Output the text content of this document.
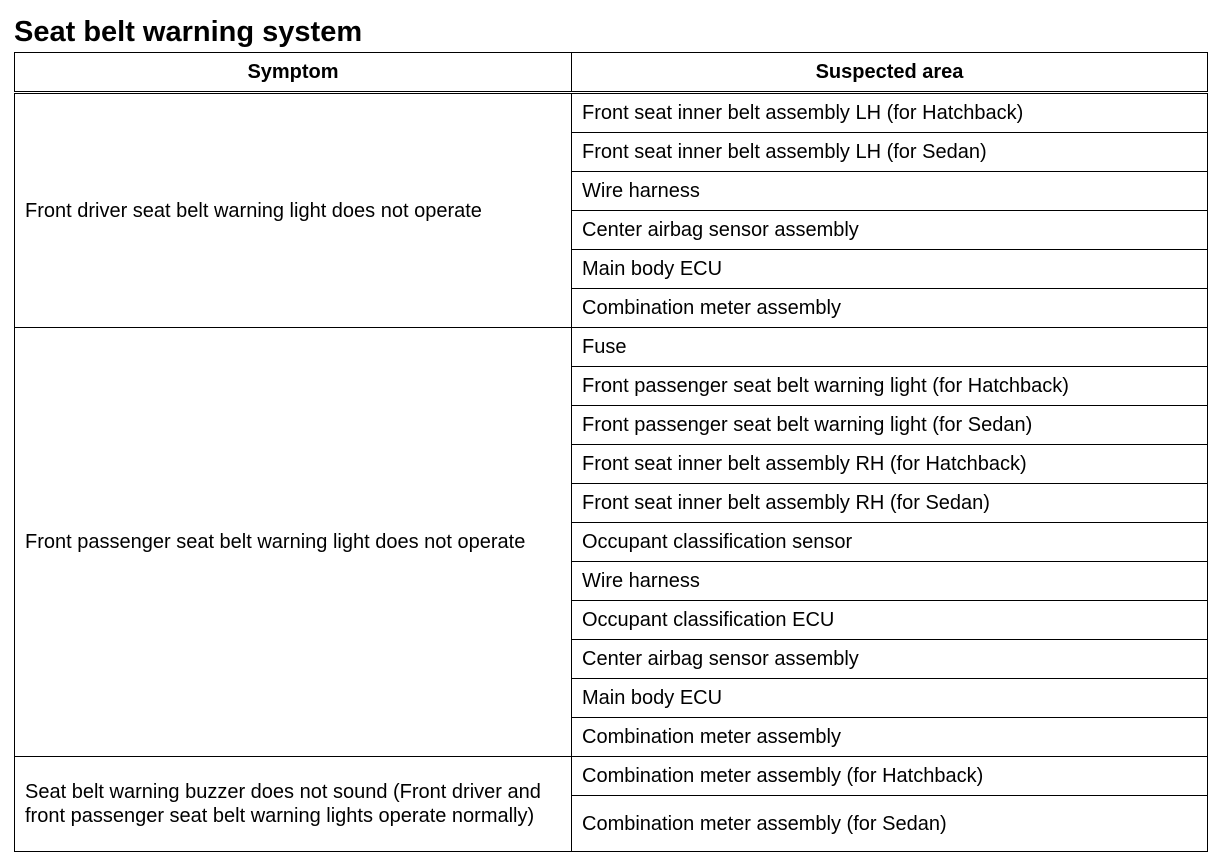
Seat belt warning system
Symptom	Suspected area
Front driver seat belt warning light does not operate	Front seat inner belt assembly LH (for Hatchback)
	Front seat inner belt assembly LH (for Sedan)
	Wire harness
	Center airbag sensor assembly
	Main body ECU
	Combination meter assembly
Front passenger seat belt warning light does not operate	Fuse
	Front passenger seat belt warning light (for Hatchback)
	Front passenger seat belt warning light (for Sedan)
	Front seat inner belt assembly RH (for Hatchback)
	Front seat inner belt assembly RH (for Sedan)
	Occupant classification sensor
	Wire harness
	Occupant classification ECU
	Center airbag sensor assembly
	Main body ECU
	Combination meter assembly
Seat belt warning buzzer does not sound (Front driver and front passenger seat belt warning lights operate normally)	Combination meter assembly (for Hatchback)
	Combination meter assembly (for Sedan)
